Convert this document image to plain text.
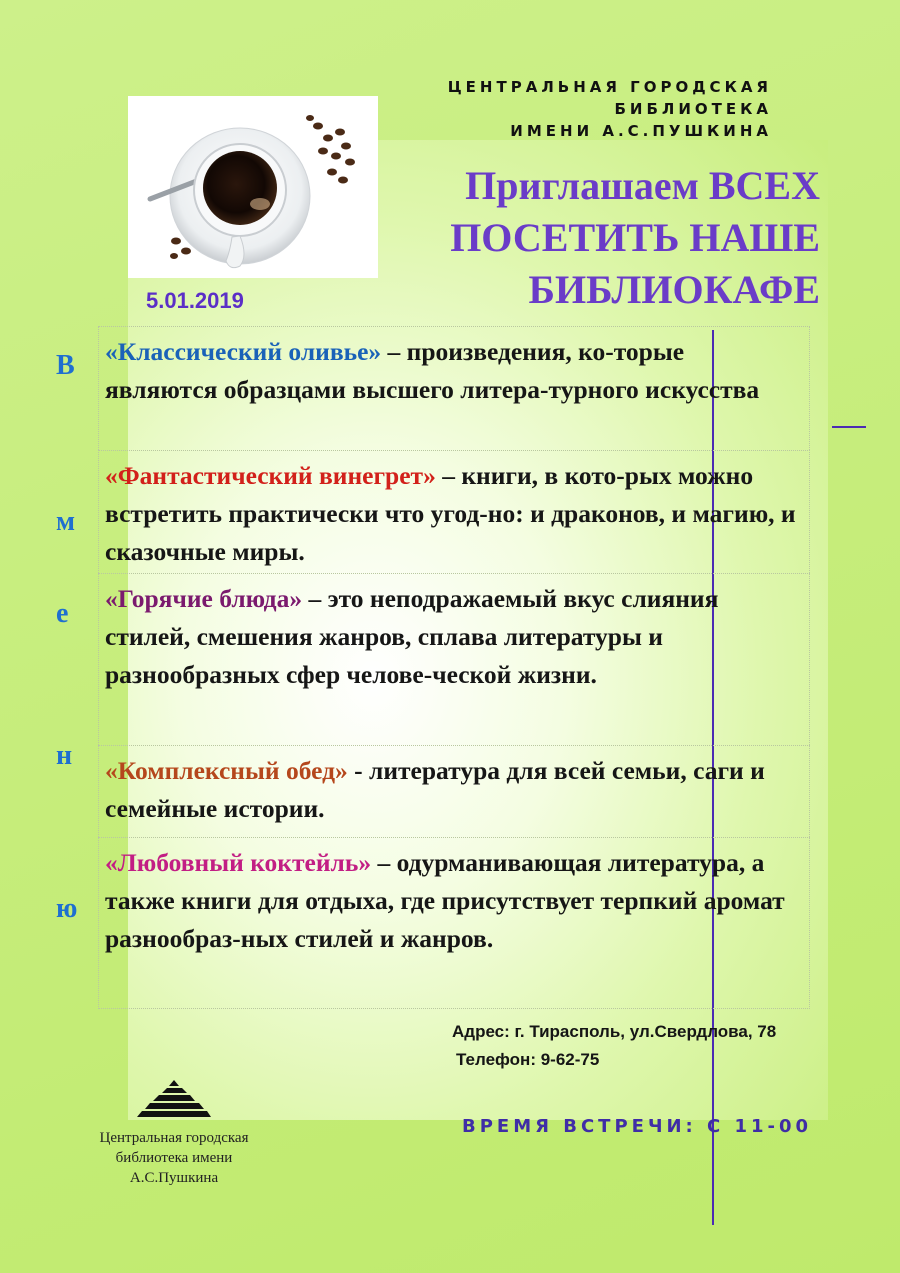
ЦЕНТРАЛЬНАЯ ГОРОДСКАЯ
БИБЛИОТЕКА
ИМЕНИ А.С.ПУШКИНА
5.01.2019
Приглашаем ВСЕХ
ПОСЕТИТЬ НАШЕ
БИБЛИОКАФЕ
В
м
е
н
ю
«Классический оливье» – произведения, ко-торые являются образцами высшего литера-турного искусства
«Фантастический винегрет» – книги, в кото-рых можно встретить практически что угод-но: и драконов, и магию, и сказочные миры.
«Горячие блюда» – это неподражаемый вкус слияния стилей, смешения жанров, сплава литературы и разнообразных сфер челове-ческой жизни.
«Комплексный обед» - литература для всей семьи, саги и семейные истории.
«Любовный коктейль» – одурманивающая литература, а также книги для отдыха, где присутствует терпкий аромат разнообраз-ных стилей и жанров.
Адрес: г. Тирасполь, ул.Свердлова, 78
Телефон: 9-62-75
ВРЕМЯ ВСТРЕЧИ: С 11-00
Центральная городская
библиотека имени
А.С.Пушкина
